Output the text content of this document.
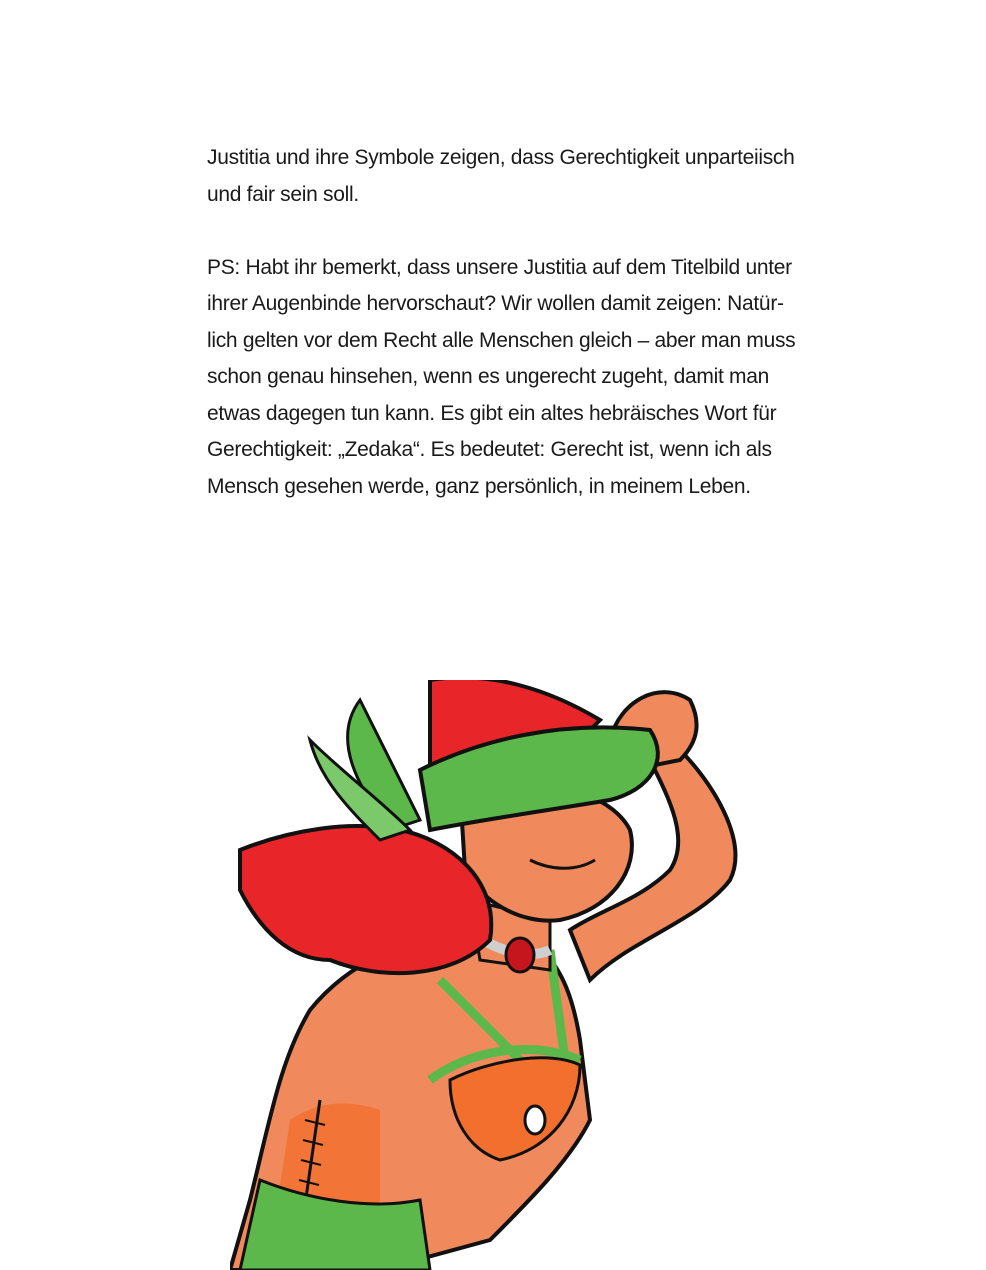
Justitia und ihre Symbole zeigen, dass Gerechtigkeit unparteiisch
und fair sein soll.

PS: Habt ihr bemerkt, dass unsere Justitia auf dem Titelbild unter
ihrer Augenbinde hervorschaut? Wir wollen damit zeigen: Natür-
lich gelten vor dem Recht alle Menschen gleich – aber man muss
schon genau hinsehen, wenn es ungerecht zugeht, damit man
etwas dagegen tun kann. Es gibt ein altes hebräisches Wort für
Gerechtigkeit: „Zedaka“. Es bedeutet: Gerecht ist, wenn ich als
Mensch gesehen werde, ganz persönlich, in meinem Leben.
